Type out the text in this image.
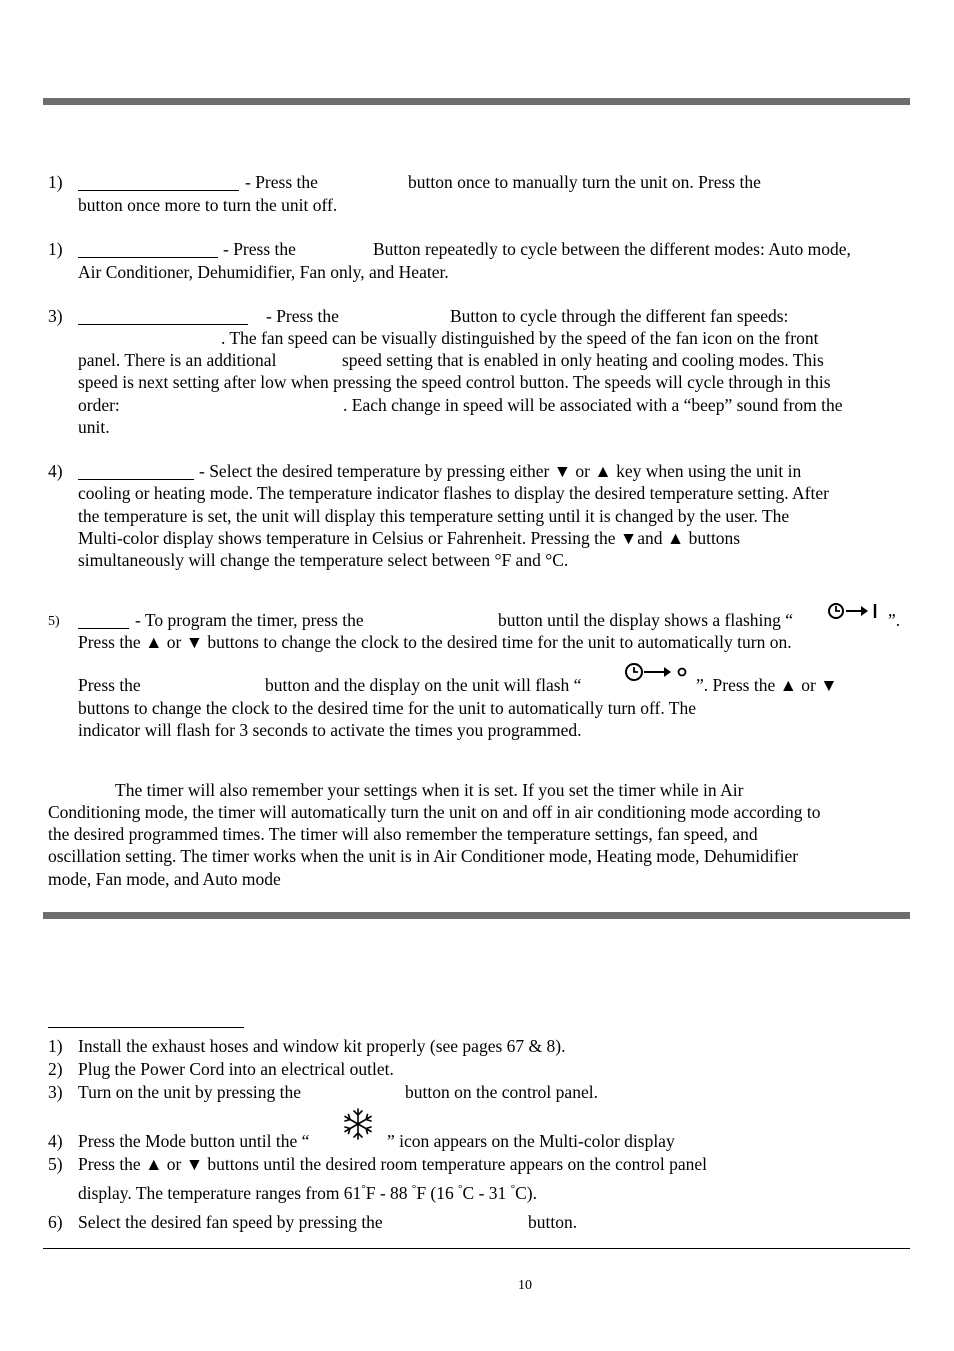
1)	- Press the	button once to manually turn the unit on. Press the
button once more to turn the unit off.
1)	- Press the	Button repeatedly to cycle between the different modes: Auto mode,
Air Conditioner, Dehumidifier, Fan only, and Heater.
3)	- Press the	Button to cycle through the different fan speeds:
. The fan speed can be visually distinguished by the speed of the fan icon on the front
panel. There is an additional	speed setting that is enabled in only heating and cooling modes. This
speed is next setting after low when pressing the speed control button. The speeds will cycle through in this
order:	. Each change in speed will be associated with a “beep” sound from the
unit.
4)	- Select the desired temperature by pressing either ▼ or ▲ key when using the unit in
cooling or heating mode. The temperature indicator flashes to display the desired temperature setting. After
the temperature is set, the unit will display this temperature setting until it is changed by the user. The
Multi-color display shows temperature in Celsius or Fahrenheit. Pressing the ▼and ▲ buttons
simultaneously will change the temperature select between °F and °C.
5)	- To program the timer, press the	button until the display shows a flashing “	”.
Press the ▲ or ▼ buttons to change the clock to the desired time for the unit to automatically turn on.
Press the	button and the display on the unit will flash “	”. Press the ▲ or ▼
buttons to change the clock to the desired time for the unit to automatically turn off. The
indicator will flash for 3 seconds to activate the times you programmed.
The timer will also remember your settings when it is set. If you set the timer while in Air
Conditioning mode, the timer will automatically turn the unit on and off in air conditioning mode according to
the desired programmed times. The timer will also remember the temperature settings, fan speed, and
oscillation setting. The timer works when the unit is in Air Conditioner mode, Heating mode, Dehumidifier
mode, Fan mode, and Auto mode
1) Install the exhaust hoses and window kit properly (see pages 67 & 8).
2) Plug the Power Cord into an electrical outlet.
3) Turn on the unit by pressing the	button on the control panel.
4) Press the Mode button until the “	” icon appears on the Multi-color display
5) Press the ▲ or ▼ buttons until the desired room temperature appears on the control panel
display. The temperature ranges from 61°F - 88 °F (16 °C - 31 °C).
6) Select the desired fan speed by pressing the	button.
10
